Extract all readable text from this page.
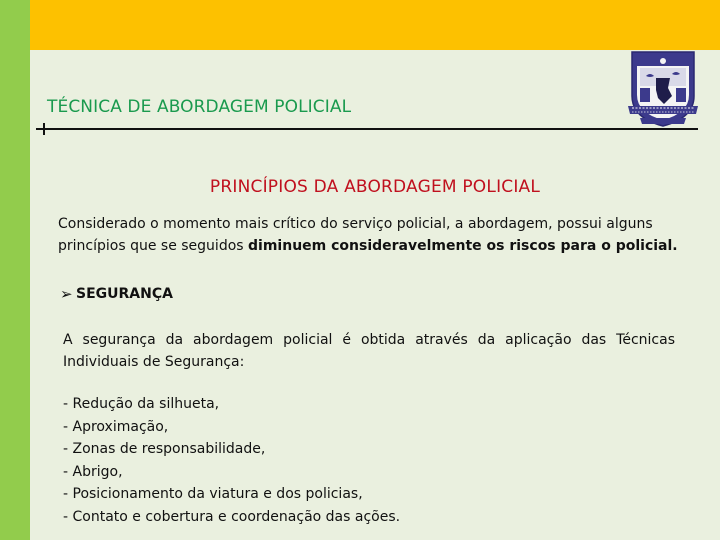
TÉCNICA DE ABORDAGEM POLICIAL
PRINCÍPIOS DA ABORDAGEM POLICIAL

Considerado o momento mais crítico do serviço policial, a abordagem, possui alguns princípios que se seguidos diminuem consideravelmente os riscos para o policial.

➢ SEGURANÇA

A segurança da abordagem policial é obtida através da aplicação das Técnicas Individuais de Segurança:

- Redução da silhueta,
- Aproximação,
- Zonas de responsabilidade,
- Abrigo,
- Posicionamento da viatura e dos policias,
- Contato e cobertura e coordenação das ações.
